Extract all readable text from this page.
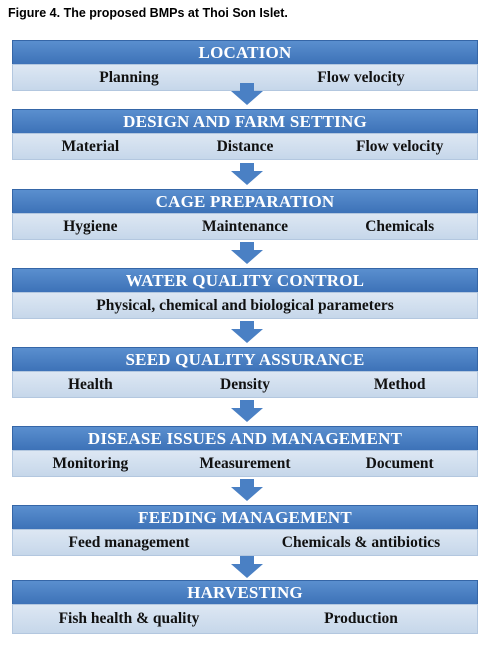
Figure 4. The proposed BMPs at Thoi Son Islet.
LOCATION
Planning	Flow velocity
DESIGN AND FARM SETTING
Material	Distance	Flow velocity
CAGE PREPARATION
Hygiene	Maintenance	Chemicals
WATER QUALITY CONTROL
Physical, chemical and biological parameters
SEED QUALITY ASSURANCE
Health	Density	Method
DISEASE ISSUES AND MANAGEMENT
Monitoring	Measurement	Document
FEEDING MANAGEMENT
Feed management	Chemicals & antibiotics
HARVESTING
Fish health & quality	Production
